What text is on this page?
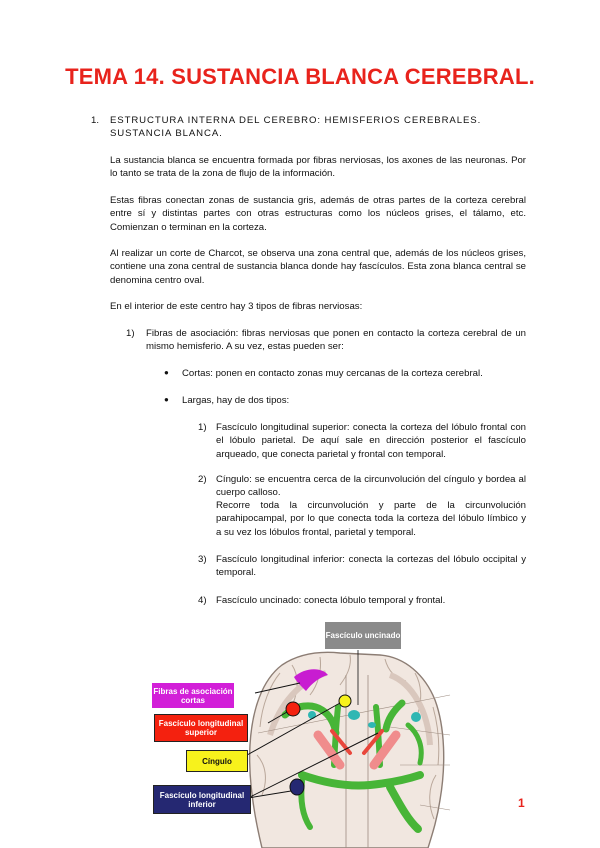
TEMA 14. SUSTANCIA BLANCA CEREBRAL.
1. ESTRUCTURA INTERNA DEL CEREBRO: HEMISFERIOS CEREBRALES. SUSTANCIA BLANCA.
La sustancia blanca se encuentra formada por fibras nerviosas, los axones de las neuronas. Por lo tanto se trata de la zona de flujo de la información.
Estas fibras conectan zonas de sustancia gris, además de otras partes de la corteza cerebral entre sí y distintas partes con otras estructuras como los núcleos grises, el tálamo, etc. Comienzan o terminan en la corteza.
Al realizar un corte de Charcot, se observa una zona central que, además de los núcleos grises, contiene una zona central de sustancia blanca donde hay fascículos. Esta zona blanca central se denomina centro oval.
En el interior de este centro hay 3 tipos de fibras nerviosas:
1) Fibras de asociación: fibras nerviosas que ponen en contacto la corteza cerebral de un mismo hemisferio. A su vez, estas pueden ser:
● Cortas: ponen en contacto zonas muy cercanas de la corteza cerebral.
● Largas, hay de dos tipos:
1) Fascículo longitudinal superior: conecta la corteza del lóbulo frontal con el lóbulo parietal. De aquí sale en dirección posterior el fascículo arqueado, que conecta parietal y frontal con temporal.
2) Cíngulo: se encuentra cerca de la circunvolución del cíngulo y bordea al cuerpo calloso.
Recorre toda la circunvolución y parte de la circunvolución parahipocampal, por lo que conecta toda la corteza del lóbulo límbico y a su vez los lóbulos frontal, parietal y temporal.
3) Fascículo longitudinal inferior: conecta la cortezas del lóbulo occipital y temporal.
4) Fascículo uncinado: conecta lóbulo temporal y frontal.
Fascículo uncinado
Fibras de asociación cortas
Fascículo longitudinal superior
Cíngulo
Fascículo longitudinal inferior	1
